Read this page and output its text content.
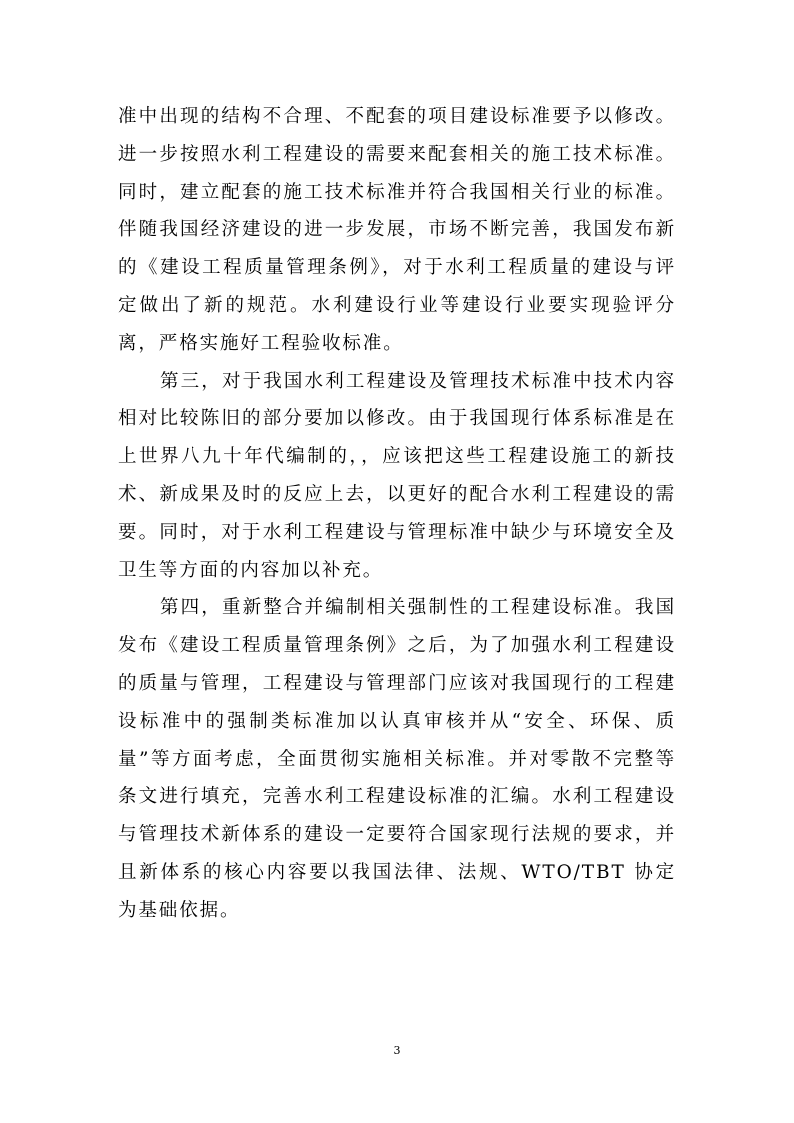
准中出现的结构不合理、不配套的项目建设标准要予以修改。进一步按照水利工程建设的需要来配套相关的施工技术标准。同时，建立配套的施工技术标准并符合我国相关行业的标准。伴随我国经济建设的进一步发展，市场不断完善，我国发布新的《建设工程质量管理条例》，对于水利工程质量的建设与评定做出了新的规范。水利建设行业等建设行业要实现验评分离，严格实施好工程验收标准。

第三，对于我国水利工程建设及管理技术标准中技术内容相对比较陈旧的部分要加以修改。由于我国现行体系标准是在上世界八九十年代编制的，，应该把这些工程建设施工的新技术、新成果及时的反应上去，以更好的配合水利工程建设的需要。同时，对于水利工程建设与管理标准中缺少与环境安全及卫生等方面的内容加以补充。

第四，重新整合并编制相关强制性的工程建设标准。我国发布《建设工程质量管理条例》之后，为了加强水利工程建设的质量与管理，工程建设与管理部门应该对我国现行的工程建设标准中的强制类标准加以认真审核并从“安全、环保、质量”等方面考虑，全面贯彻实施相关标准。并对零散不完整等条文进行填充，完善水利工程建设标准的汇编。水利工程建设与管理技术新体系的建设一定要符合国家现行法规的要求，并且新体系的核心内容要以我国法律、法规、WTO/TBT 协定为基础依据。

3
